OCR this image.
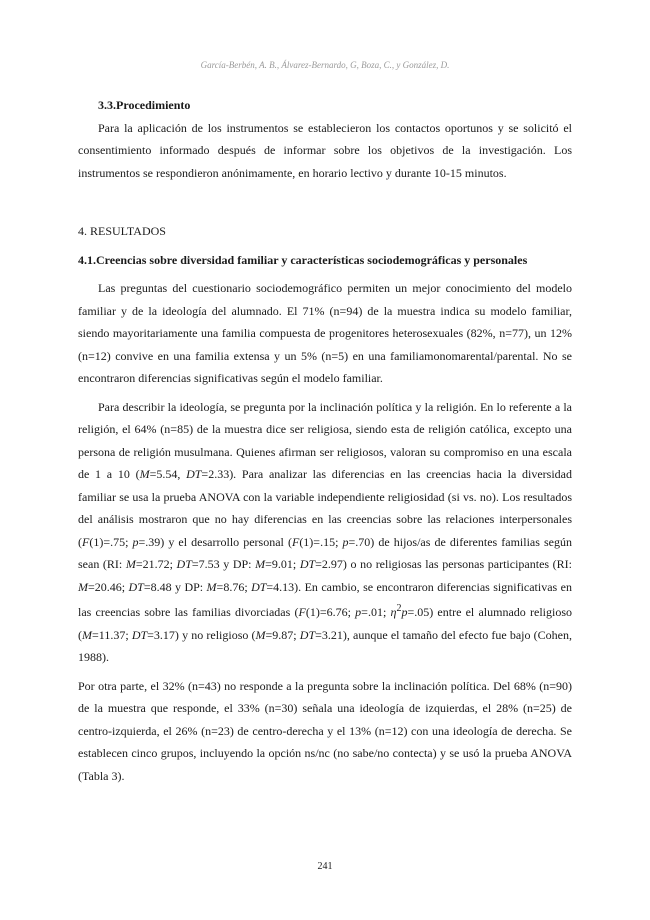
García-Berbén, A. B., Álvarez-Bernardo, G, Boza, C., y González, D.

3.3.Procedimiento

Para la aplicación de los instrumentos se establecieron los contactos oportunos y se solicitó el consentimiento informado después de informar sobre los objetivos de la investigación. Los instrumentos se respondieron anónimamente, en horario lectivo y durante 10-15 minutos.

4. RESULTADOS

4.1.Creencias sobre diversidad familiar y características sociodemográficas y personales

Las preguntas del cuestionario sociodemográfico permiten un mejor conocimiento del modelo familiar y de la ideología del alumnado. El 71% (n=94) de la muestra indica su modelo familiar, siendo mayoritariamente una familia compuesta de progenitores heterosexuales (82%, n=77), un 12% (n=12) convive en una familia extensa y un 5% (n=5) en una familiamonomarental/parental. No se encontraron diferencias significativas según el modelo familiar.

Para describir la ideología, se pregunta por la inclinación política y la religión. En lo referente a la religión, el 64% (n=85) de la muestra dice ser religiosa, siendo esta de religión católica, excepto una persona de religión musulmana. Quienes afirman ser religiosos, valoran su compromiso en una escala de 1 a 10 (M=5.54, DT=2.33). Para analizar las diferencias en las creencias hacia la diversidad familiar se usa la prueba ANOVA con la variable independiente religiosidad (si vs. no). Los resultados del análisis mostraron que no hay diferencias en las creencias sobre las relaciones interpersonales (F(1)=.75; p=.39) y el desarrollo personal (F(1)=.15; p=.70) de hijos/as de diferentes familias según sean (RI: M=21.72; DT=7.53 y DP: M=9.01; DT=2.97) o no religiosas las personas participantes (RI: M=20.46; DT=8.48 y DP: M=8.76; DT=4.13). En cambio, se encontraron diferencias significativas en las creencias sobre las familias divorciadas (F(1)=6.76; p=.01; $\eta^2p=.05$) entre el alumnado religioso (M=11.37; DT=3.17) y no religioso (M=9.87; DT=3.21), aunque el tamaño del efecto fue bajo (Cohen, 1988).

Por otra parte, el 32% (n=43) no responde a la pregunta sobre la inclinación política. Del 68% (n=90) de la muestra que responde, el 33% (n=30) señala una ideología de izquierdas, el 28% (n=25) de centro-izquierda, el 26% (n=23) de centro-derecha y el 13% (n=12) con una ideología de derecha. Se establecen cinco grupos, incluyendo la opción ns/nc (no sabe/no contecta) y se usó la prueba ANOVA (Tabla 3).

241
